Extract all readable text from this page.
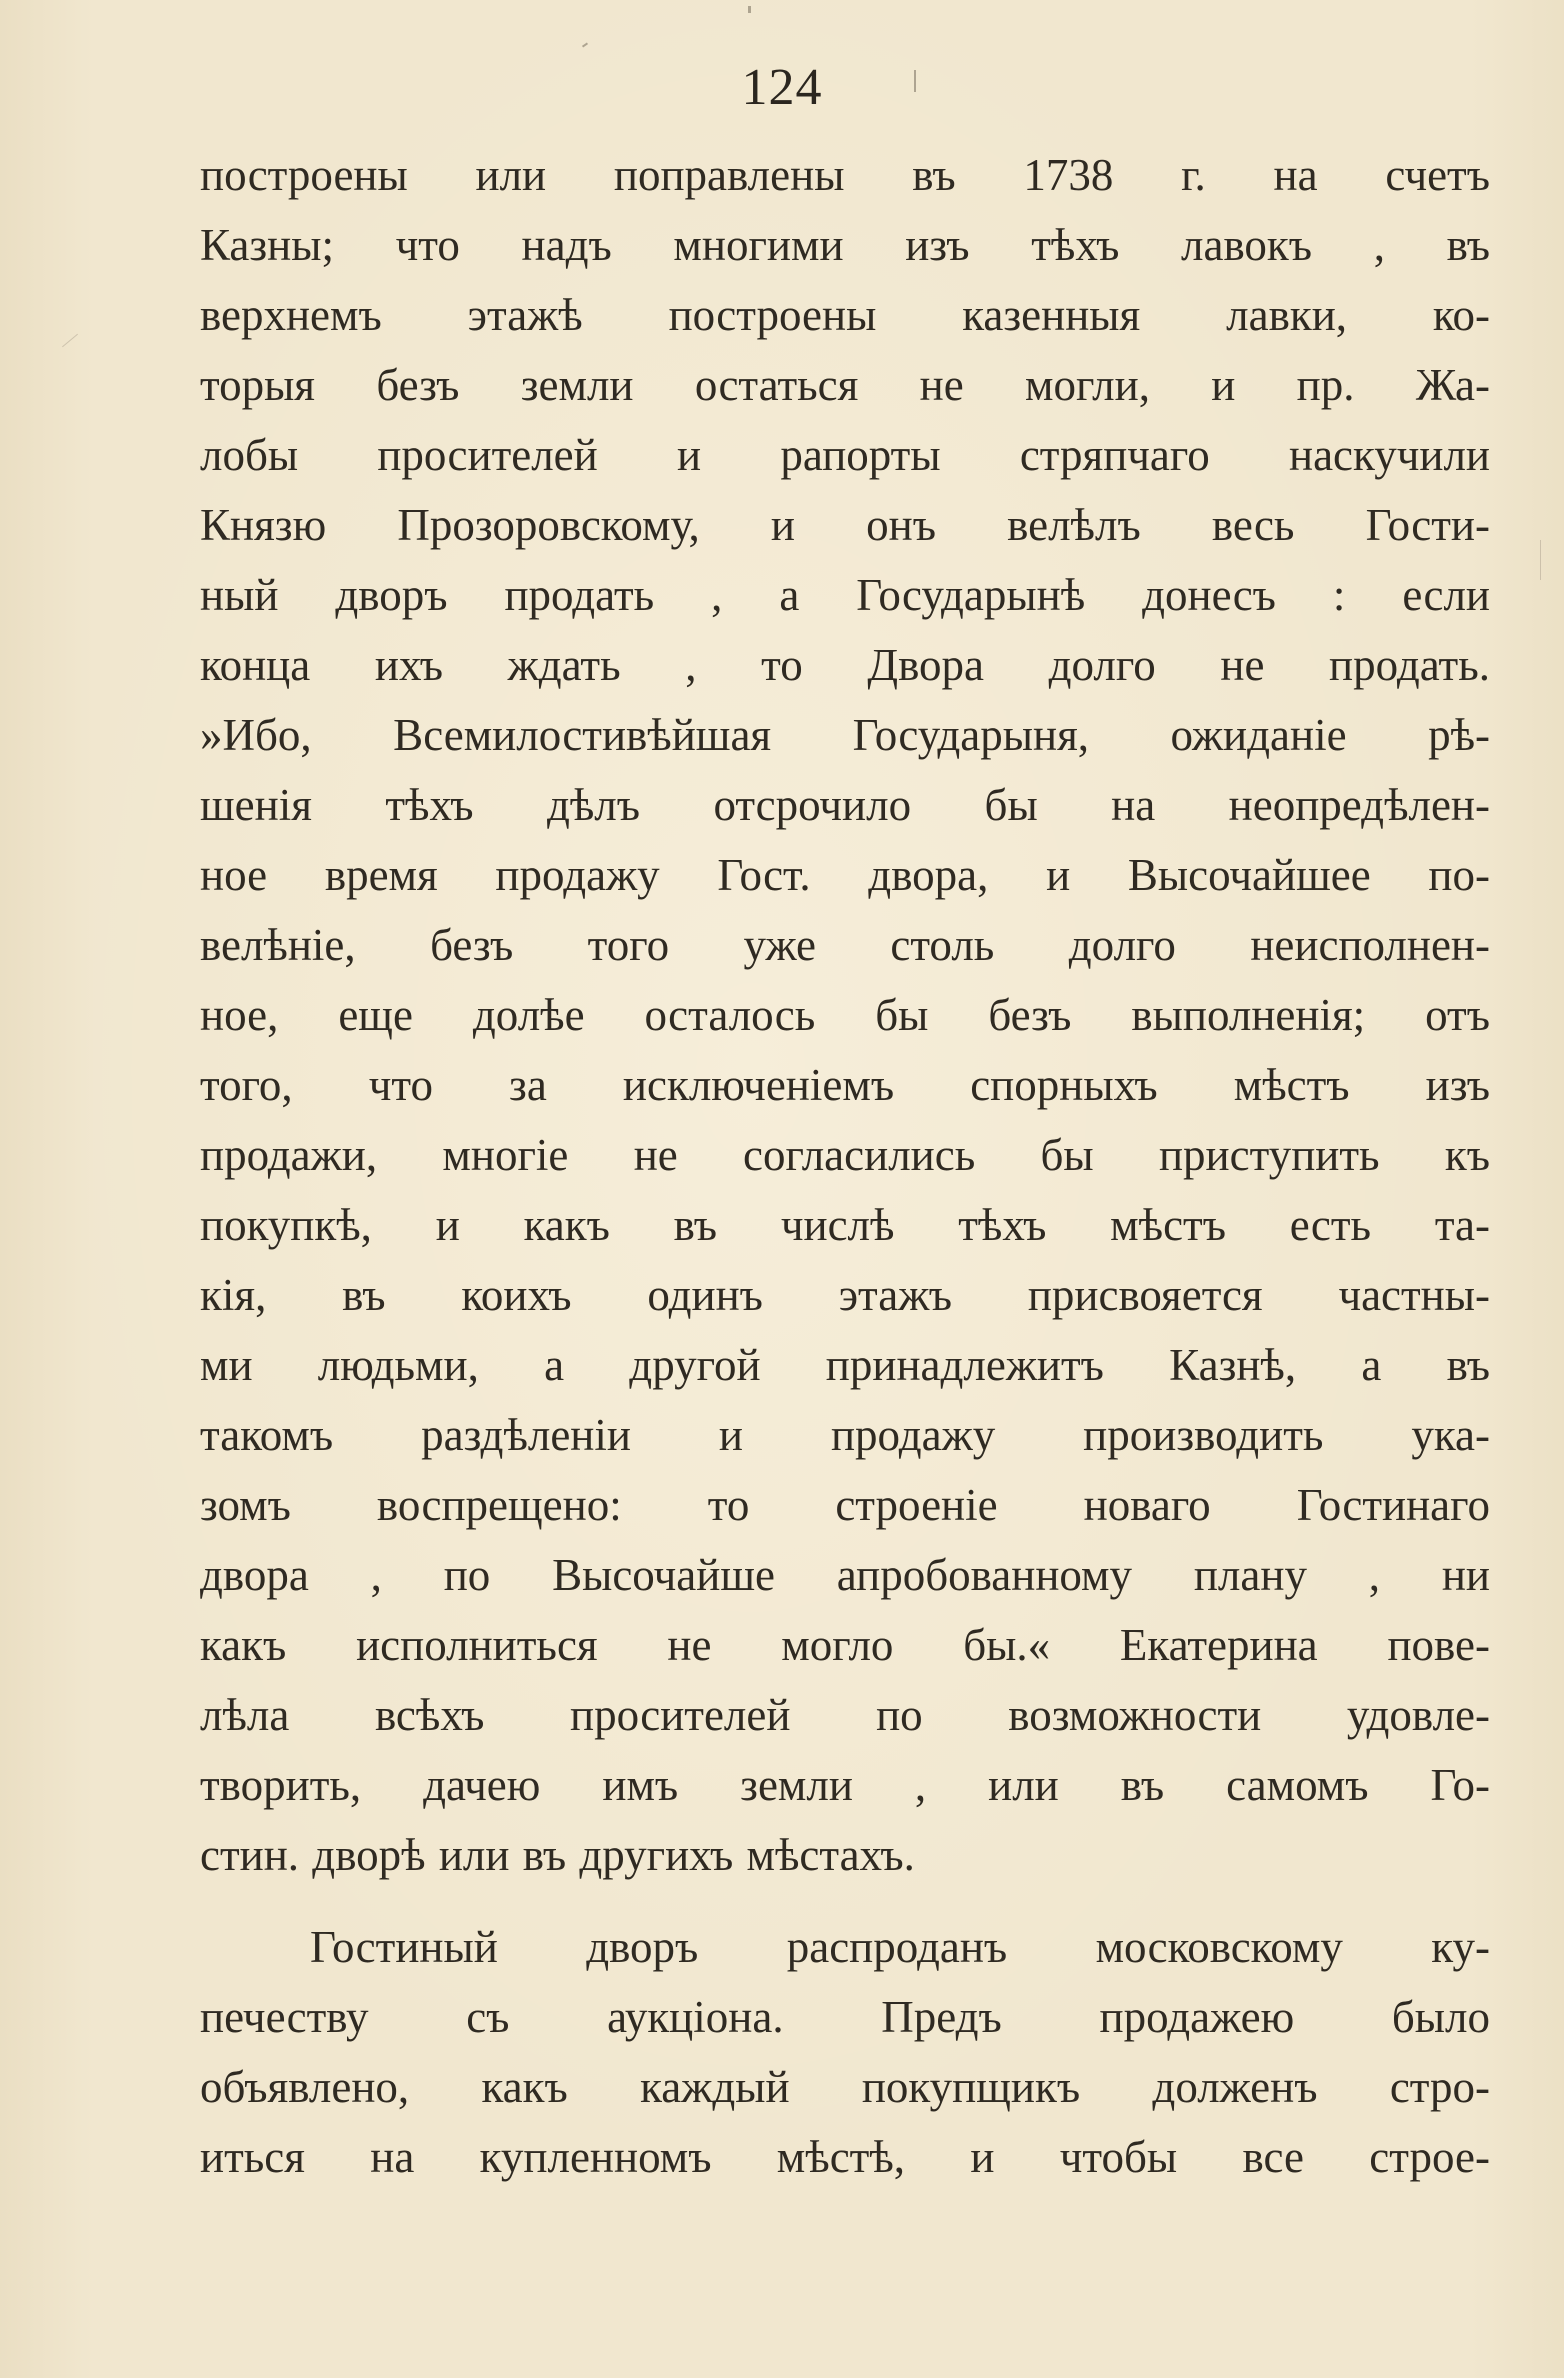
124
построены или поправлены въ 1738 г. на счетъ
Казны; что надъ многими изъ тѣхъ лавокъ , въ
верхнемъ этажѣ построены казенныя лавки, ко-
торыя безъ земли остаться не могли, и пр. Жа-
лобы просителей и рапорты стряпчаго наскучили
Князю Прозоровскому, и онъ велѣлъ весь Гости-
ный дворъ продать , а Государынѣ донесъ : если
конца ихъ ждать , то Двора долго не продать.
»Ибо, Всемилостивѣйшая Государыня, ожиданіе рѣ-
шенія тѣхъ дѣлъ отсрочило бы на неопредѣлен-
ное время продажу Гост. двора, и Высочайшее по-
велѣніе, безъ того уже столь долго неисполнен-
ное, еще долѣе осталось бы безъ выполненія; отъ
того, что за исключеніемъ спорныхъ мѣстъ изъ
продажи, многіе не согласились бы приступить къ
покупкѣ, и какъ въ числѣ тѣхъ мѣстъ есть та-
кія, въ коихъ одинъ этажъ присвояется частны-
ми людьми, а другой принадлежитъ Казнѣ, а въ
такомъ раздѣленіи и продажу производить ука-
зомъ воспрещено: то строеніе новаго Гостинаго
двора , по Высочайше апробованному плану , ни
какъ исполниться не могло бы.« Екатерина пове-
лѣла всѣхъ просителей по возможности удовле-
творить, дачею имъ земли , или въ самомъ Го-
стин. дворѣ или въ другихъ мѣстахъ.
Гостиный дворъ распроданъ московскому ку-
печеству съ аукціона. Предъ продажею было
объявлено, какъ каждый покупщикъ долженъ стро-
иться на купленномъ мѣстѣ, и чтобы все строе-
